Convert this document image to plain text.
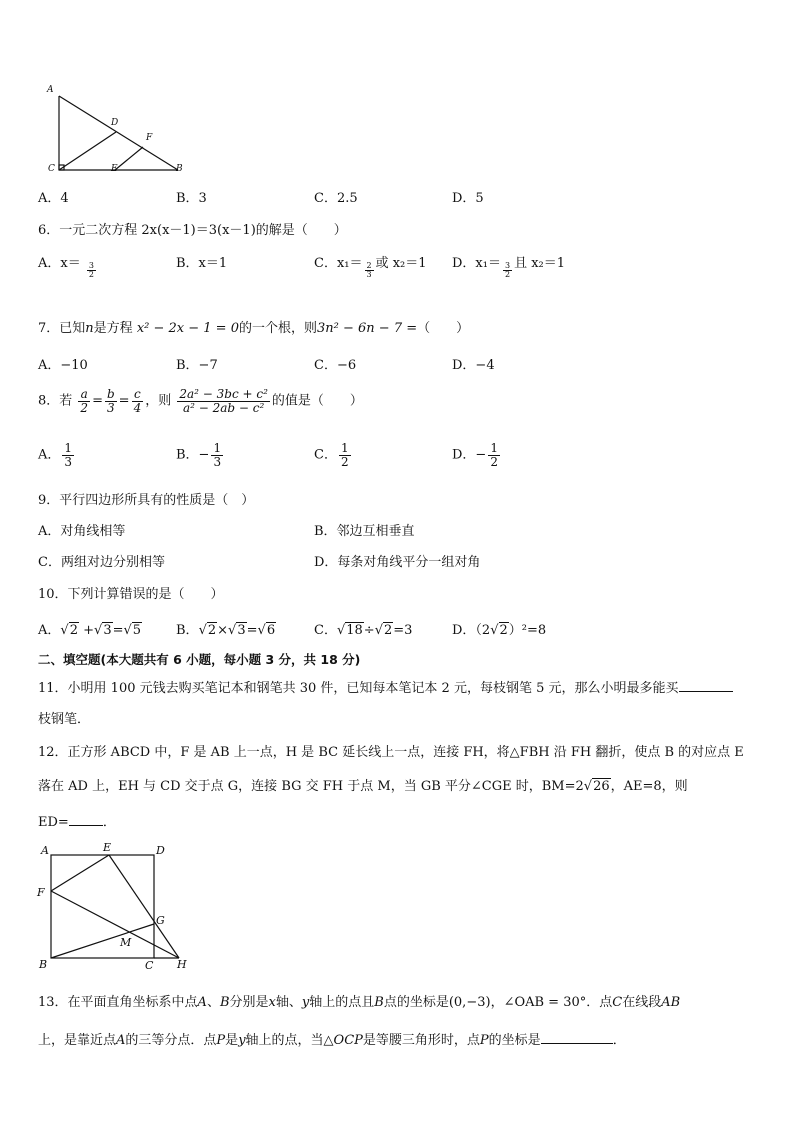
A
D
F
C	E	B
A．4	B．3	C．2.5	D．5
6．一元二次方程 2x(x－1)＝3(x－1)的解是（　　）
A．$x= \frac{3}{2}$	B．x＝1	C．$x_1= \frac{2}{3}$ 或 x₂＝1 D．$x_1= \frac{3}{2}$ 且 x₂＝1
7．已知n是方程 x² − 2x − 1 = 0的一个根，则3n² − 6n − 7 =（　　）
A．−10	B．−7	C．−6	D．−4
8．若 $\frac{a}{2} = \frac{b}{3} = \frac{c}{4}$ ，则 $\frac{\text{2a² − 3bc + c²}}{\text{a² − 2ab − c²}}$ 的值是（　　）
A． $\frac{1}{3}$	B．− $\frac{1}{3}$	C． $\frac{1}{2}$	D．− $\frac{1}{2}$
9．平行四边形所具有的性质是（　）
A．对角线相等	B．邻边互相垂直
C．两组对边分别相等	D．每条对角线平分一组对角
10．下列计算错误的是（　　）
A．√2 +√3=√5	B．√2×√3=√6	C．√18÷√2=3	D．（2√2）²=8
二、填空题(本大题共有 6 小题，每小题 3 分，共 18 分)
11．小明用 100 元钱去购买笔记本和钢笔共 30 件，已知每本笔记本 2 元，每枝钢笔 5 元，那么小明最多能买
枝钢笔．
12．正方形 ABCD 中，F 是 AB 上一点，H 是 BC 延长线上一点，连接 FH，将△FBH 沿 FH 翻折，使点 B 的对应点 E
落在 AD 上，EH 与 CD 交于点 G，连接 BG 交 FH 于点 M，当 GB 平分∠CGE 时，BM=2√26，AE=8，则
ED=	．
A	E	D
F
G
M
B	C H
13．在平面直角坐标系中点A、B分别是x轴、y轴上的点且B点的坐标是(0,−3)，∠OAB = 30°．点C在线段AB
上，是靠近点A的三等分点．点P是y轴上的点，当△OCP是等腰三角形时，点P的坐标是	．
